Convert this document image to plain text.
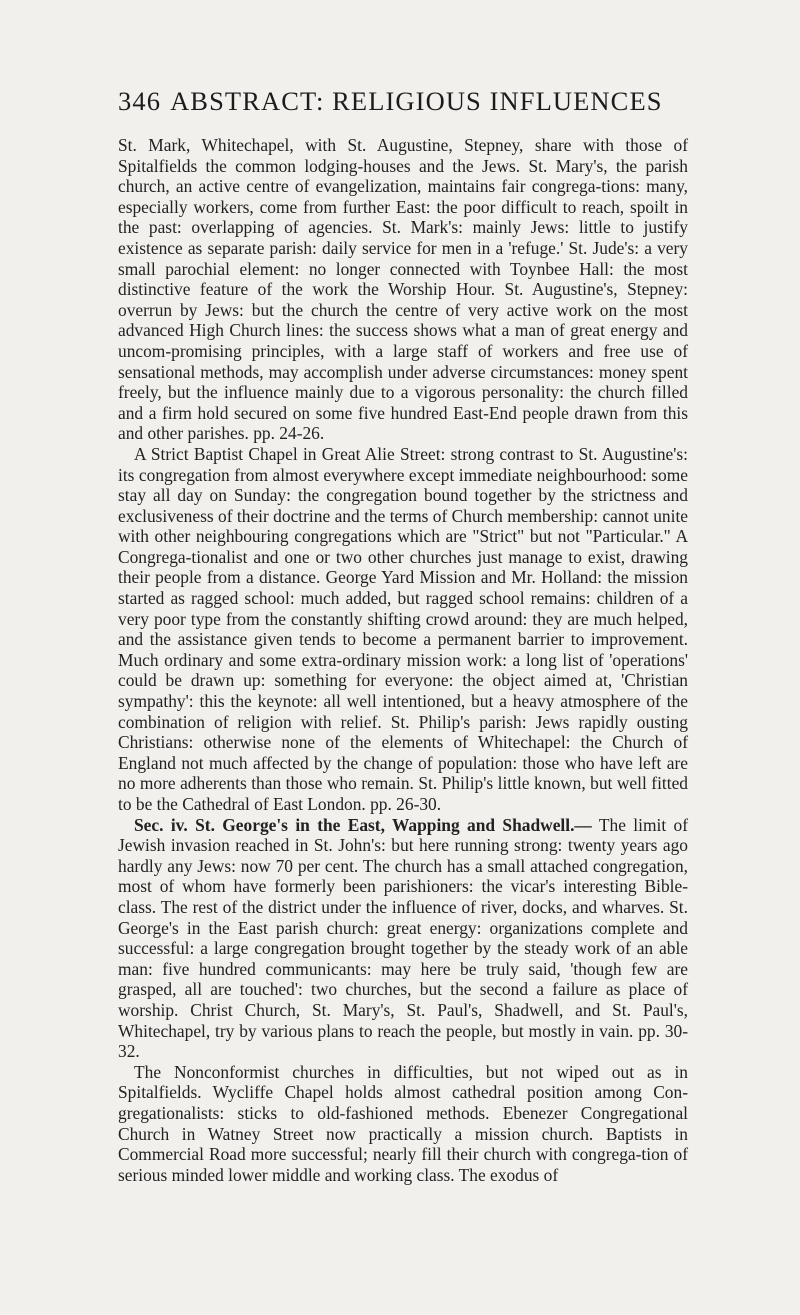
346 ABSTRACT: RELIGIOUS INFLUENCES

St. Mark, Whitechapel, with St. Augustine, Stepney, share with those of Spitalfields the common lodging-houses and the Jews. St. Mary's, the parish church, an active centre of evangelization, maintains fair congrega-tions: many, especially workers, come from further East: the poor difficult to reach, spoilt in the past: overlapping of agencies. St. Mark's: mainly Jews: little to justify existence as separate parish: daily service for men in a 'refuge.' St. Jude's: a very small parochial element: no longer connected with Toynbee Hall: the most distinctive feature of the work the Worship Hour. St. Augustine's, Stepney: overrun by Jews: but the church the centre of very active work on the most advanced High Church lines: the success shows what a man of great energy and uncom-promising principles, with a large staff of workers and free use of sensational methods, may accomplish under adverse circumstances: money spent freely, but the influence mainly due to a vigorous personality: the church filled and a firm hold secured on some five hundred East-End people drawn from this and other parishes. pp. 24-26.

A Strict Baptist Chapel in Great Alie Street: strong contrast to St. Augustine's: its congregation from almost everywhere except immediate neighbourhood: some stay all day on Sunday: the congregation bound together by the strictness and exclusiveness of their doctrine and the terms of Church membership: cannot unite with other neighbouring congregations which are "Strict" but not "Particular." A Congrega-tionalist and one or two other churches just manage to exist, drawing their people from a distance. George Yard Mission and Mr. Holland: the mission started as ragged school: much added, but ragged school remains: children of a very poor type from the constantly shifting crowd around: they are much helped, and the assistance given tends to become a permanent barrier to improvement. Much ordinary and some extra-ordinary mission work: a long list of 'operations' could be drawn up: something for everyone: the object aimed at, 'Christian sympathy': this the keynote: all well intentioned, but a heavy atmosphere of the combination of religion with relief. St. Philip's parish: Jews rapidly ousting Christians: otherwise none of the elements of Whitechapel: the Church of England not much affected by the change of population: those who have left are no more adherents than those who remain. St. Philip's little known, but well fitted to be the Cathedral of East London. pp. 26-30.

Sec. iv. St. George's in the East, Wapping and Shadwell.— The limit of Jewish invasion reached in St. John's: but here running strong: twenty years ago hardly any Jews: now 70 per cent. The church has a small attached congregation, most of whom have formerly been parishioners: the vicar's interesting Bible-class. The rest of the district under the influence of river, docks, and wharves. St. George's in the East parish church: great energy: organizations complete and successful: a large congregation brought together by the steady work of an able man: five hundred communicants: may here be truly said, 'though few are grasped, all are touched': two churches, but the second a failure as place of worship. Christ Church, St. Mary's, St. Paul's, Shadwell, and St. Paul's, Whitechapel, try by various plans to reach the people, but mostly in vain. pp. 30-32.

The Nonconformist churches in difficulties, but not wiped out as in Spitalfields. Wycliffe Chapel holds almost cathedral position among Con-gregationalists: sticks to old-fashioned methods. Ebenezer Congregational Church in Watney Street now practically a mission church. Baptists in Commercial Road more successful; nearly fill their church with congrega-tion of serious minded lower middle and working class. The exodus of
